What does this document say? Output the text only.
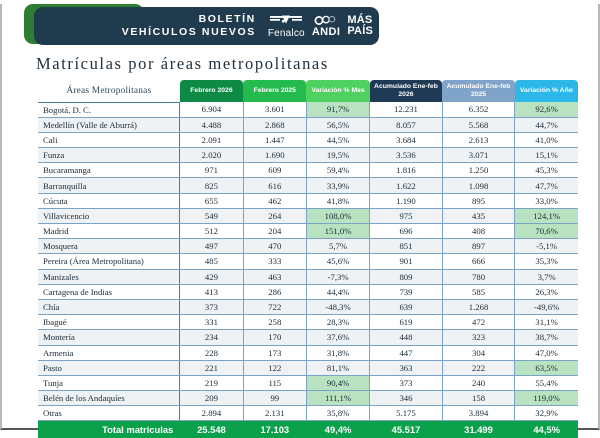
BOLETÍN
VEHÍCULOS NUEVOS Fenalco ANDI
MÁS
PAÍS
Matrículas por áreas metropolitanas
Áreas Metropolitanas	Febrero 2026	Febrero 2025	Variación % Mes	Acumulado Ene-feb 2026	Acumulado Ene-feb 2025	Variación % Año
Bogotá, D. C.	6.904	3.601	91,7%	12.231	6.352	92,6%
Medellín (Valle de Aburrá)	4.488	2.868	56,5%	8.057	5.568	44,7%
Cali	2.091	1.447	44,5%	3.684	2.613	41,0%
Funza	2.020	1.690	19,5%	3.536	3.071	15,1%
Bucaramanga	971	609	59,4%	1.816	1.250	45,3%
Barranquilla	825	616	33,9%	1.622	1.098	47,7%
Cúcuta	655	462	41,8%	1.190	895	33,0%
Villavicencio	549	264	108,0%	975	435	124,1%
Madrid	512	204	151,0%	696	408	70,6%
Mosquera	497	470	5,7%	851	897	-5,1%
Pereira (Área Metropolitana)	485	333	45,6%	901	666	35,3%
Manizales	429	463	-7,3%	809	780	3,7%
Cartagena de Indias	413	286	44,4%	739	585	26,3%
Chía	373	722	-48,3%	639	1.268	-49,6%
Ibagué	331	258	28,3%	619	472	31,1%
Montería	234	170	37,6%	448	323	38,7%
Armenia	228	173	31,8%	447	304	47,0%
Pasto	221	122	81,1%	363	222	63,5%
Tunja	219	115	90,4%	373	240	55,4%
Belén de los Andaquíes	209	99	111,1%	346	158	119,0%
Otras	2.894	2.131	35,8%	5.175	3.894	32,9%
Total matrículas	25.548	17.103	49,4%	45.517	31.499	44,5%
